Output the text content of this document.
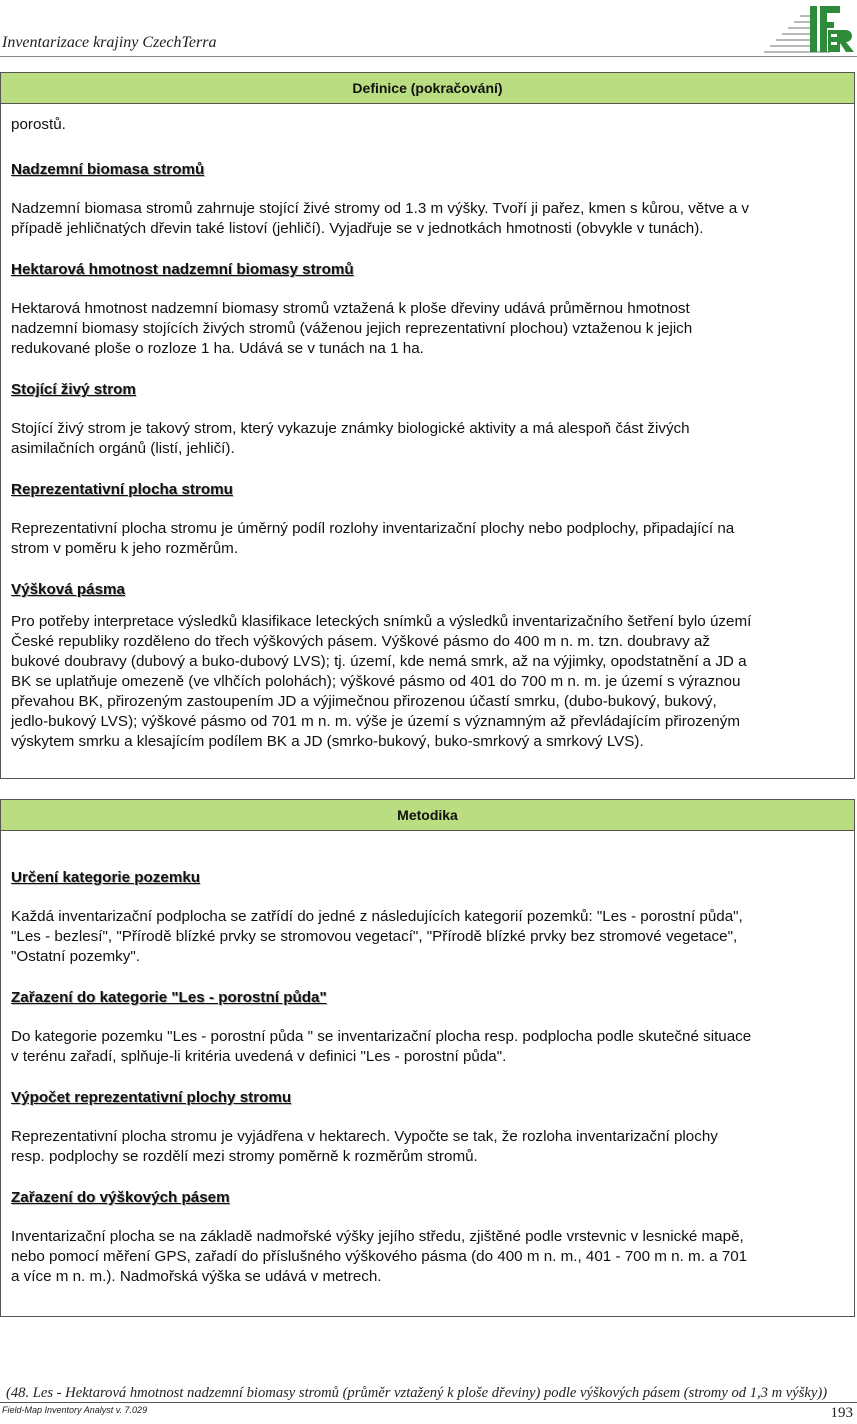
Inventarizace krajiny CzechTerra
Definice (pokračování)

porostů.

Nadzemní biomasa stromů

Nadzemní biomasa stromů zahrnuje stojící živé stromy od 1.3 m výšky. Tvoří ji pařez, kmen s kůrou, větve a v
případě jehličnatých dřevin také listoví (jehličí). Vyjadřuje se v jednotkách hmotnosti (obvykle v tunách).

Hektarová hmotnost nadzemní biomasy stromů

Hektarová hmotnost nadzemní biomasy stromů vztažená k ploše dřeviny udává průměrnou hmotnost
nadzemní biomasy stojících živých stromů (váženou jejich reprezentativní plochou) vztaženou k jejich
redukované ploše o rozloze 1 ha. Udává se v tunách na 1 ha.

Stojící živý strom

Stojící živý strom je takový strom, který vykazuje známky biologické aktivity a má alespoň část živých
asimilačních orgánů (listí, jehličí).

Reprezentativní plocha stromu

Reprezentativní plocha stromu je úměrný podíl rozlohy inventarizační plochy nebo podplochy, připadající na
strom v poměru k jeho rozměrům.

Výšková pásma

Pro potřeby interpretace výsledků klasifikace leteckých snímků a výsledků inventarizačního šetření bylo území
České republiky rozděleno do třech výškových pásem. Výškové pásmo do 400 m n. m. tzn. doubravy až
bukové doubravy (dubový a buko-dubový LVS); tj. území, kde nemá smrk, až na výjimky, opodstatnění a JD a
BK se uplatňuje omezeně (ve vlhčích polohách); výškové pásmo od 401 do 700 m n. m. je území s výraznou
převahou BK, přirozeným zastoupením JD a výjimečnou přirozenou účastí smrku, (dubo-bukový, bukový,
jedlo-bukový LVS); výškové pásmo od 701 m n. m. výše je území s významným až převládajícím přirozeným
výskytem smrku a klesajícím podílem BK a JD (smrko-bukový, buko-smrkový a smrkový LVS).

Metodika

Určení kategorie pozemku

Každá inventarizační podplocha se zatřídí do jedné z následujících kategorií pozemků: "Les - porostní půda",
"Les - bezlesí", "Přírodě blízké prvky se stromovou vegetací", "Přírodě blízké prvky bez stromové vegetace",
"Ostatní pozemky".

Zařazení do kategorie "Les - porostní půda"

Do kategorie pozemku "Les - porostní půda " se inventarizační plocha resp. podplocha podle skutečné situace
v terénu zařadí, splňuje-li kritéria uvedená v definici "Les - porostní půda".

Výpočet reprezentativní plochy stromu

Reprezentativní plocha stromu je vyjádřena v hektarech. Vypočte se tak, že rozloha inventarizační plochy
resp. podplochy se rozdělí mezi stromy poměrně k rozměrům stromů.

Zařazení do výškových pásem

Inventarizační plocha se na základě nadmořské výšky jejího středu, zjištěné podle vrstevnic v lesnické mapě,
nebo pomocí měření GPS, zařadí do příslušného výškového pásma (do 400 m n. m., 401 - 700 m n. m. a 701
a více m n. m.). Nadmořská výška se udává v metrech.

(48. Les - Hektarová hmotnost nadzemní biomasy stromů (průměr vztažený k ploše dřeviny) podle výškových pásem (stromy od 1,3 m výšky))
Field-Map Inventory Analyst v. 7.029	193
